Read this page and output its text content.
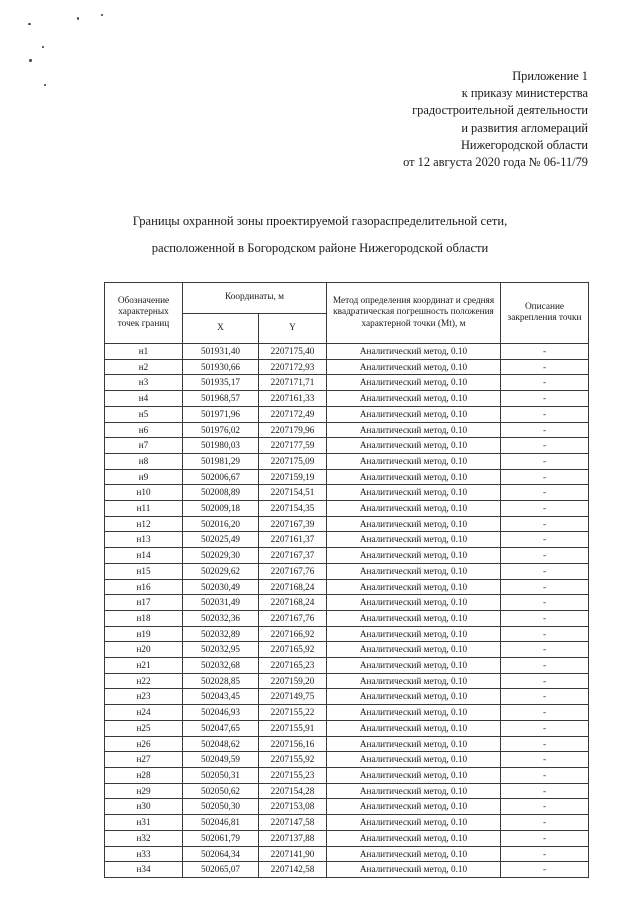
Приложение 1
к приказу министерства
градостроительной деятельности
и развития агломераций
Нижегородской области
от 12 августа 2020 года № 06-11/79
Границы охранной зоны проектируемой газораспределительной сети,
расположенной в Богородском районе Нижегородской области
Обозначение характерных точек границ	Координаты, м		Метод определения координат и средняя квадратическая погрешность положения характерной точки (Мt), м	Описание закрепления точки
	X	Y		
н1	501931,40	2207175,40	Аналитический метод, 0.10	-
н2	501930,66	2207172,93	Аналитический метод, 0.10	-
н3	501935,17	2207171,71	Аналитический метод, 0.10	-
н4	501968,57	2207161,33	Аналитический метод, 0.10	-
н5	501971,96	2207172,49	Аналитический метод, 0.10	-
н6	501976,02	2207179,96	Аналитический метод, 0.10	-
н7	501980,03	2207177,59	Аналитический метод, 0.10	-
н8	501981,29	2207175,09	Аналитический метод, 0.10	-
н9	502006,67	2207159,19	Аналитический метод, 0.10	-
н10	502008,89	2207154,51	Аналитический метод, 0.10	-
н11	502009,18	2207154,35	Аналитический метод, 0.10	-
н12	502016,20	2207167,39	Аналитический метод, 0.10	-
н13	502025,49	2207161,37	Аналитический метод, 0.10	-
н14	502029,30	2207167,37	Аналитический метод, 0.10	-
н15	502029,62	2207167,76	Аналитический метод, 0.10	-
н16	502030,49	2207168,24	Аналитический метод, 0.10	-
н17	502031,49	2207168,24	Аналитический метод, 0.10	-
н18	502032,36	2207167,76	Аналитический метод, 0.10	-
н19	502032,89	2207166,92	Аналитический метод, 0.10	-
н20	502032,95	2207165,92	Аналитический метод, 0.10	-
н21	502032,68	2207165,23	Аналитический метод, 0.10	-
н22	502028,85	2207159,20	Аналитический метод, 0.10	-
н23	502043,45	2207149,75	Аналитический метод, 0.10	-
н24	502046,93	2207155,22	Аналитический метод, 0.10	-
н25	502047,65	2207155,91	Аналитический метод, 0.10	-
н26	502048,62	2207156,16	Аналитический метод, 0.10	-
н27	502049,59	2207155,92	Аналитический метод, 0.10	-
н28	502050,31	2207155,23	Аналитический метод, 0.10	-
н29	502050,62	2207154,28	Аналитический метод, 0.10	-
н30	502050,30	2207153,08	Аналитический метод, 0.10	-
н31	502046,81	2207147,58	Аналитический метод, 0.10	-
н32	502061,79	2207137,88	Аналитический метод, 0.10	-
н33	502064,34	2207141,90	Аналитический метод, 0.10	-
н34	502065,07	2207142,58	Аналитический метод, 0.10	-
